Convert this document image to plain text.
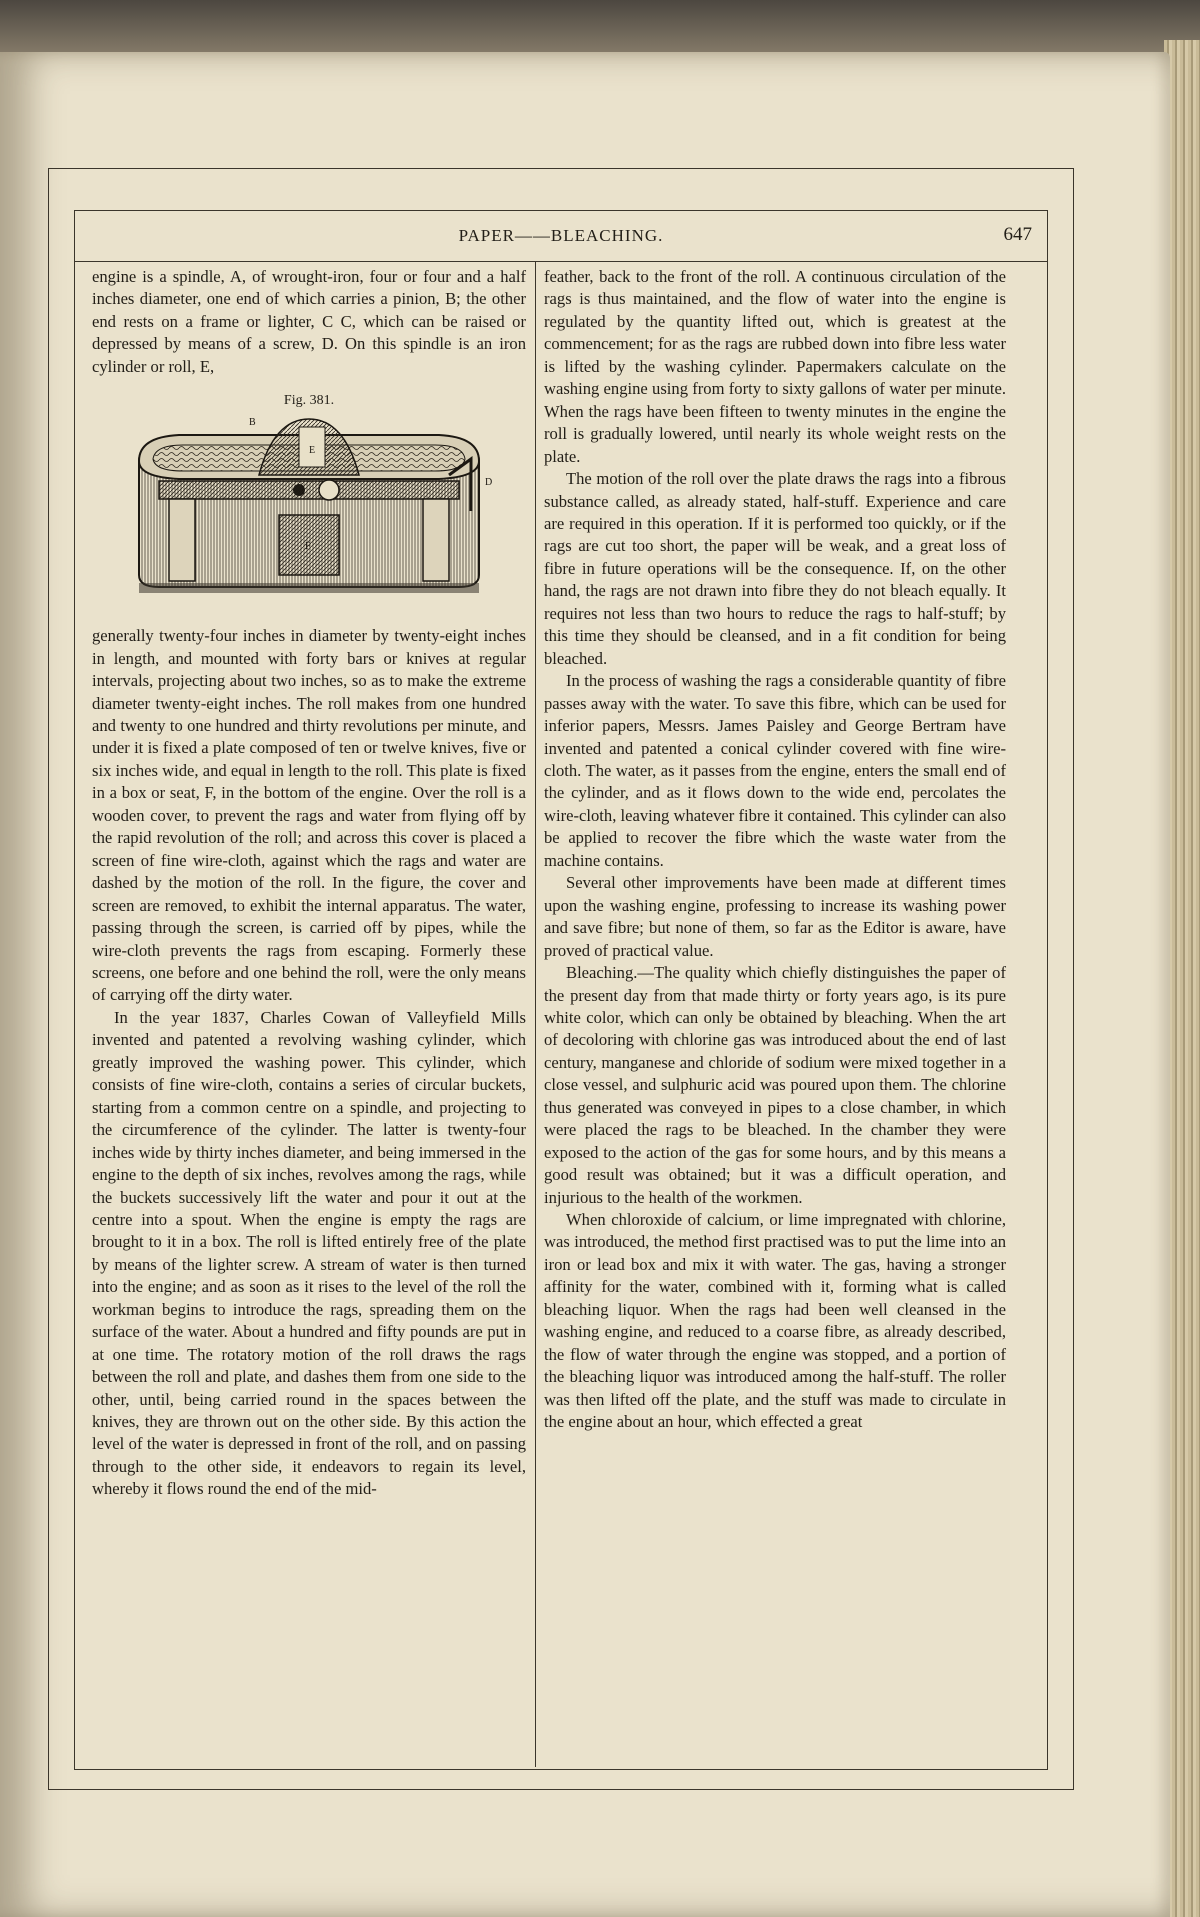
PAPER——BLEACHING.	647

engine is a spindle, A, of wrought-iron, four or four and a half inches diameter, one end of which carries a pinion, B; the other end rests on a frame or lighter, C C, which can be raised or depressed by means of a screw, D. On this spindle is an iron cylinder or roll, E,

Fig. 381.
B
E
F
D

generally twenty-four inches in diameter by twenty-eight inches in length, and mounted with forty bars or knives at regular intervals, projecting about two inches, so as to make the extreme diameter twenty-eight inches. The roll makes from one hundred and twenty to one hundred and thirty revolutions per minute, and under it is fixed a plate composed of ten or twelve knives, five or six inches wide, and equal in length to the roll. This plate is fixed in a box or seat, F, in the bottom of the engine. Over the roll is a wooden cover, to prevent the rags and water from flying off by the rapid revolution of the roll; and across this cover is placed a screen of fine wire-cloth, against which the rags and water are dashed by the motion of the roll. In the figure, the cover and screen are removed, to exhibit the internal apparatus. The water, passing through the screen, is carried off by pipes, while the wire-cloth prevents the rags from escaping. Formerly these screens, one before and one behind the roll, were the only means of carrying off the dirty water.

In the year 1837, Charles Cowan of Valleyfield Mills invented and patented a revolving washing cylinder, which greatly improved the washing power. This cylinder, which consists of fine wire-cloth, contains a series of circular buckets, starting from a common centre on a spindle, and projecting to the circumference of the cylinder. The latter is twenty-four inches wide by thirty inches diameter, and being immersed in the engine to the depth of six inches, revolves among the rags, while the buckets successively lift the water and pour it out at the centre into a spout. When the engine is empty the rags are brought to it in a box. The roll is lifted entirely free of the plate by means of the lighter screw. A stream of water is then turned into the engine; and as soon as it rises to the level of the roll the workman begins to introduce the rags, spreading them on the surface of the water. About a hundred and fifty pounds are put in at one time. The rotatory motion of the roll draws the rags between the roll and plate, and dashes them from one side to the other, until, being carried round in the spaces between the knives, they are thrown out on the other side. By this action the level of the water is depressed in front of the roll, and on passing through to the other side, it endeavors to regain its level, whereby it flows round the end of the mid-

feather, back to the front of the roll. A continuous circulation of the rags is thus maintained, and the flow of water into the engine is regulated by the quantity lifted out, which is greatest at the commencement; for as the rags are rubbed down into fibre less water is lifted by the washing cylinder. Papermakers calculate on the washing engine using from forty to sixty gallons of water per minute. When the rags have been fifteen to twenty minutes in the engine the roll is gradually lowered, until nearly its whole weight rests on the plate.

The motion of the roll over the plate draws the rags into a fibrous substance called, as already stated, half-stuff. Experience and care are required in this operation. If it is performed too quickly, or if the rags are cut too short, the paper will be weak, and a great loss of fibre in future operations will be the consequence. If, on the other hand, the rags are not drawn into fibre they do not bleach equally. It requires not less than two hours to reduce the rags to half-stuff; by this time they should be cleansed, and in a fit condition for being bleached.

In the process of washing the rags a considerable quantity of fibre passes away with the water. To save this fibre, which can be used for inferior papers, Messrs. James Paisley and George Bertram have invented and patented a conical cylinder covered with fine wire-cloth. The water, as it passes from the engine, enters the small end of the cylinder, and as it flows down to the wide end, percolates the wire-cloth, leaving whatever fibre it contained. This cylinder can also be applied to recover the fibre which the waste water from the machine contains.

Several other improvements have been made at different times upon the washing engine, professing to increase its washing power and save fibre; but none of them, so far as the Editor is aware, have proved of practical value.

Bleaching.—The quality which chiefly distinguishes the paper of the present day from that made thirty or forty years ago, is its pure white color, which can only be obtained by bleaching. When the art of decoloring with chlorine gas was introduced about the end of last century, manganese and chloride of sodium were mixed together in a close vessel, and sulphuric acid was poured upon them. The chlorine thus generated was conveyed in pipes to a close chamber, in which were placed the rags to be bleached. In the chamber they were exposed to the action of the gas for some hours, and by this means a good result was obtained; but it was a difficult operation, and injurious to the health of the workmen.

When chloroxide of calcium, or lime impregnated with chlorine, was introduced, the method first practised was to put the lime into an iron or lead box and mix it with water. The gas, having a stronger affinity for the water, combined with it, forming what is called bleaching liquor. When the rags had been well cleansed in the washing engine, and reduced to a coarse fibre, as already described, the flow of water through the engine was stopped, and a portion of the bleaching liquor was introduced among the half-stuff. The roller was then lifted off the plate, and the stuff was made to circulate in the engine about an hour, which effected a great
